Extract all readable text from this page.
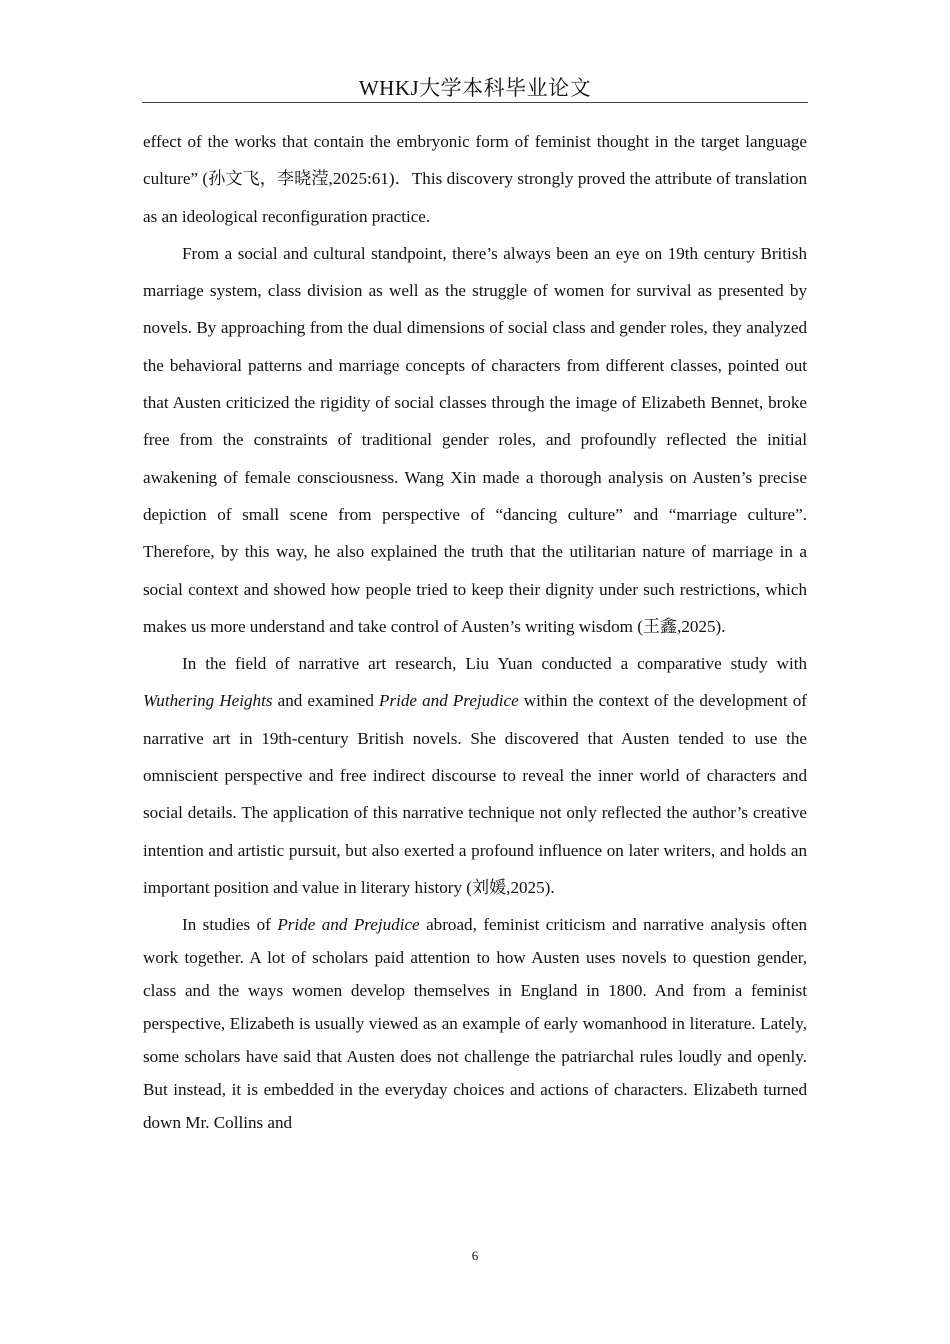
WHKJ大学本科毕业论文

effect of the works that contain the embryonic form of feminist thought in the target language culture” (孙文飞，李晓滢,2025:61)．This discovery strongly proved the attribute of translation as an ideological reconfiguration practice.

From a social and cultural standpoint, there’s always been an eye on 19th century British marriage system, class division as well as the struggle of women for survival as presented by novels. By approaching from the dual dimensions of social class and gender roles, they analyzed the behavioral patterns and marriage concepts of characters from different classes, pointed out that Austen criticized the rigidity of social classes through the image of Elizabeth Bennet, broke free from the constraints of traditional gender roles, and profoundly reflected the initial awakening of female consciousness. Wang Xin made a thorough analysis on Austen’s precise depiction of small scene from perspective of “dancing culture” and “marriage culture”. Therefore, by this way, he also explained the truth that the utilitarian nature of marriage in a social context and showed how people tried to keep their dignity under such restrictions, which makes us more understand and take control of Austen’s writing wisdom (王鑫,2025).

In the field of narrative art research, Liu Yuan conducted a comparative study with Wuthering Heights and examined Pride and Prejudice within the context of the development of narrative art in 19th-century British novels. She discovered that Austen tended to use the omniscient perspective and free indirect discourse to reveal the inner world of characters and social details. The application of this narrative technique not only reflected the author’s creative intention and artistic pursuit, but also exerted a profound influence on later writers, and holds an important position and value in literary history (刘媛,2025).

In studies of Pride and Prejudice abroad, feminist criticism and narrative analysis often work together. A lot of scholars paid attention to how Austen uses novels to question gender, class and the ways women develop themselves in England in 1800. And from a feminist perspective, Elizabeth is usually viewed as an example of early womanhood in literature. Lately, some scholars have said that Austen does not challenge the patriarchal rules loudly and openly. But instead, it is embedded in the everyday choices and actions of characters. Elizabeth turned down Mr. Collins and

6
